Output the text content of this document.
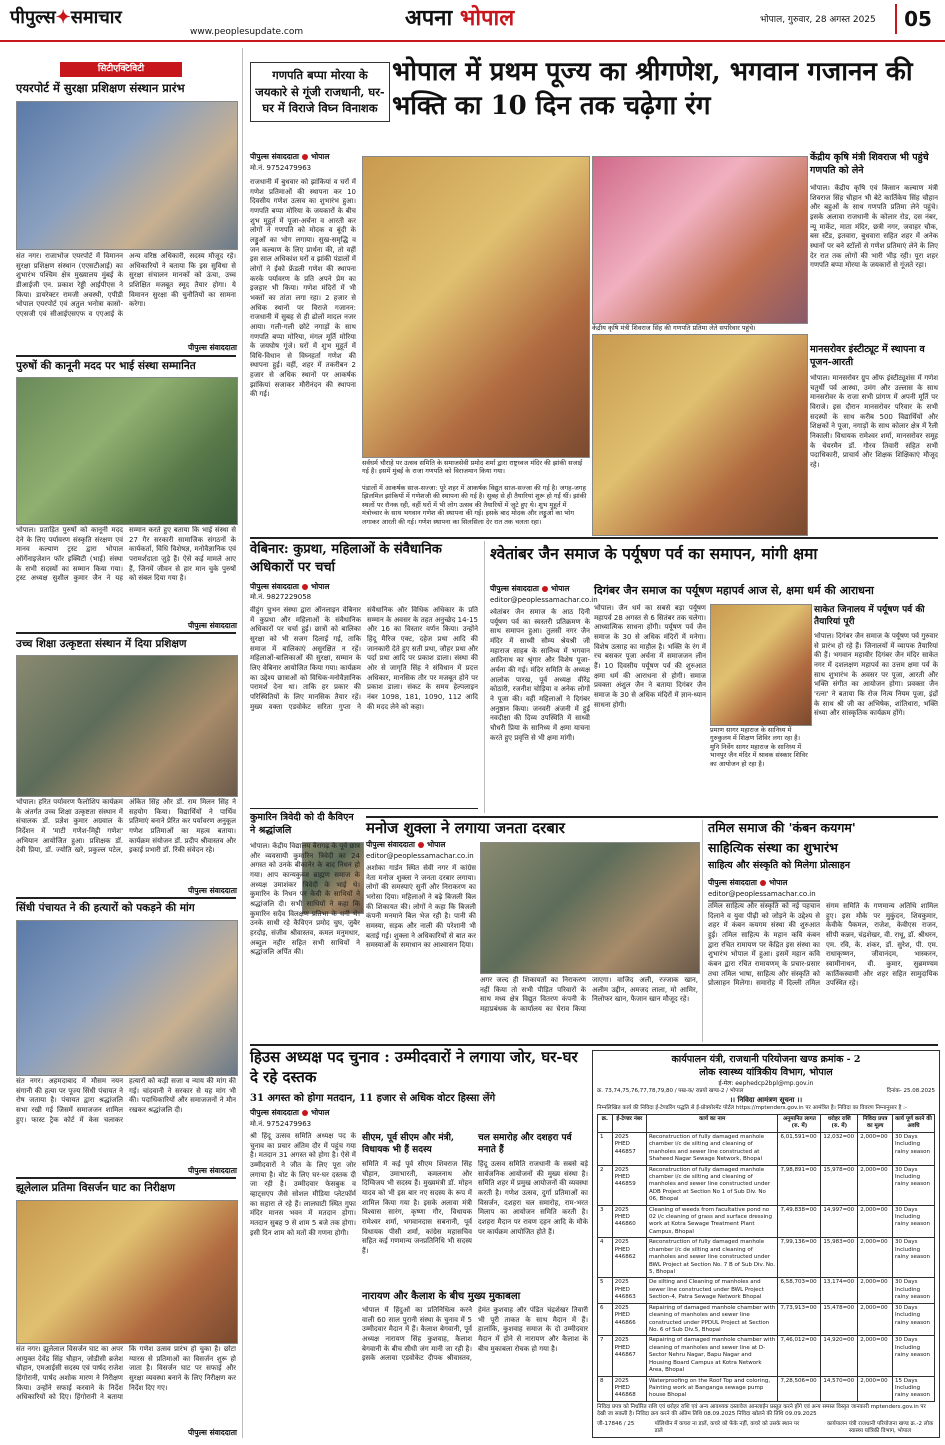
पीपुल्स✦समाचार
www.peoplesupdate.com
अपना भोपाल	भोपाल, गुरुवार, 28 अगस्त 2025	05
सिटीएक्टिविटी
एयरपोर्ट में सुरक्षा प्रशिक्षण संस्थान प्रारंभ
संत नगर। राजाभोज एयरपोर्ट में विमानन सुरक्षा प्रशिक्षण संस्थान (एएसटीआई) का शुभारंभ पश्चिम क्षेत्र मुख्यालय मुंबई के डीआईजी एन. प्रकाश रेड्डी आईपीएस ने किया। डायरेक्टर रामजी अवस्थी, एपीडी भोपाल एयरपोर्ट एवं अतुल भनोत्रा कासो-एएसजी एवं सीआईएसएफ व एएआई के अन्य वरिष्ठ अधिकारी, सदस्य मौजूद रहे। अधिकारियों ने बताया कि इस सुविधा से सुरक्षा संचालन मानकों को ऊंचा, उच्च प्रशिक्षित मजबूत स्मूद तैयार होगा। ये विमानन सुरक्षा की चुनौतियों का सामना करेगा।
पीपुल्स संवाददाता
पुरुषों की कानूनी मदद पर भाई संस्था सम्मानित
भोपाल। प्रताड़ित पुरुषों को कानूनी मदद देने के लिए पर्यावरण संस्कृति संरक्षण एवं मानव कल्याण ट्रस्ट द्वारा भोपाल ऑर्गेनाइजेशन फॉर इक्विटी (भाई) संस्था के सभी सदस्यों का सम्मान किया गया। ट्रस्ट अध्यक्ष सुशील कुमार जैन ने यह सम्मान करते हुए बताया कि भाई संस्था से 27 गैर सरकारी सामाजिक संगठनों के कार्यकर्ता, विधि विशेषज्ञ, मनोवैज्ञानिक एवं परामर्शदाता जुड़े हैं। ऐसे कई मामले आए हैं, जिनमें जीवन से हार मान चुके पुरुषों को संबल दिया गया है।
पीपुल्स संवाददाता
उच्च शिक्षा उत्कृष्टता संस्थान में दिया प्रशिक्षण
भोपाल। हरित पर्यावरण फैलोशिप कार्यक्रम के अंतर्गत उच्च शिक्षा उत्कृष्टता संस्थान में संचालक डॉ. प्रज्ञेश कुमार अग्रवाल के निर्देशन में 'माटी गणेश-मिट्टी गणेश' अभियान आयोजित हुआ। प्रशिक्षक डॉ. देवी प्रिया, डॉ. ज्योति खरे, प्रकुल्ल पटेल, अंकित सिंह और डॉ. राम मिलन सिंह ने सहयोग किया। विद्यार्थियों ने पार्थिव प्रतिमाएं बनाने प्रेरित कर पर्यावरण अनुकूल गणेश प्रतिमाओं का महत्व बताया। कार्यक्रम संयोजन डॉ. प्रदीप श्रीवास्तव और इकाई प्रभारी डॉ. रिंकी संवेदन रहे।
पीपुल्स संवाददाता
सिंधी पंचायत ने की हत्यारों को पकड़ने की मांग
संत नगर। अहमदाबाद में मौसम नयन संगानी की हत्या पर पूज्य सिंधी पंचायत ने रोष जताया है। पंचायत द्वारा श्रद्धांजलि सभा रखी गई जिसमें समाजजन शामिल हुए। फास्ट ट्रैक कोर्ट में केस चलाकर हत्यारों को कड़ी सजा व न्याय की मांग की गई। चांदवानी ने सरकार से यह मांग भी की। पदाधिकारियों और समाजजनों ने मौन रखकर श्रद्धांजलि दी।
पीपुल्स संवाददाता
झूलेलाल प्रतिमा विसर्जन घाट का निरीक्षण
संत नगर। झूलेलाल विसर्जन घाट का अपर आयुक्त देवेंद्र सिंह चौहान, जोडीसी ब्रजेश चौहान, एमआईसी सदस्य एवं पार्षद राजेश हिंगोरानी, पार्षद अशोक मारण ने निरीक्षण किया। उन्होंने सफाई करवाने के निर्देश अधिकारियों को दिए। हिंगोरानी ने बताया कि गणेश उत्सव प्रारंभ हो चुका है। छोटा ग्यारस से प्रतिमाओं का विसर्जन शुरू हो जाता है। विसर्जन घाट पर सफाई और सुरक्षा व्यवस्था बनाने के लिए निरीक्षण कर निर्देश दिए गए।
पीपुल्स संवाददाता
गणपति बप्पा मोरया के जयकारे से गूंजी राजधानी, घर-घर में विराजे विघ्न विनाशक
भोपाल में प्रथम पूज्य का श्रीगणेश, भगवान गजानन की भक्ति का 10 दिन तक चढ़ेगा रंग
पीपुल्स संवाददाता भोपाल
मो.नं. 9752479963
राजधानी में बुधवार को झांकियां व घरों में गणेश प्रतिमाओं की स्थापना कर 10 दिवसीय गणेश उत्सव का शुभारंभ हुआ। गणपति बप्पा मोरिया के जयकारों के बीच शुभ मुहूर्त में पूजा-अर्चना व आरती कर लोगों ने गणपति को मोदक व बूंदी के लड्डुओं का भोग लगाया। सुख-समृद्धि व जन कल्याण के लिए प्रार्थना की, तो वहीं इस साल अधिकांश घरों व झांकी पंडालों में लोगों ने ईको फ्रेंडली गणेश की स्थापना करके पर्यावरण के प्रति अपने प्रेम का इजहार भी किया। गणेश मंदिरों में भी भक्तों का तांता लगा रहा। 2 हजार से अधिक स्थानों पर विराजे गजानन: राजधानी में सुबह से ही ढोलों मादल नजर आया। गली-गली छोटे नगाड़ों के साथ गणपति बप्पा मोरिया, मंगल मूर्ति मोरिया के जयघोष गूंजे। घरों में शुभ मुहूर्त में विधि-विधान से विघ्नहर्ता गणेश की स्थापना हुई। वहीं, शहर में तकरीबन 2 हजार से अधिक स्थानों पर आकर्षक झांकियां सजाकर मौरीनंदन की स्थापना की गई।
सर्वधर्म चौराहे पर उत्सव समिति के समाजसेवी प्रमोद शर्मा द्वारा राष्ट्रध्वज मंदिर की झांकी सजाई गई है। इसमें मुंबई के राजा गणपति को विराजमान किया गया।
पंडालों में आकर्षक साज-सज्जा: पूरे शहर में आकर्षक विद्युत साज-सज्जा की गई है। जगह-जगह झिलमिल झांकियों में गणेशजी की स्थापना की गई है। सुबह से ही तैयारियां शुरू हो गईं थीं। झांकी स्थलों पर रौनक रही, वहीं घरों में भी लोग उत्सव की तैयारियों में जुटे हुए थे। शुभ मुहूर्त में मंत्रोच्चार के साथ भगवान गणेश की स्थापना की गई। इसके बाद मोदक और लड्डुओं का भोग लगाकर आरती की गई। गणेश स्थापना का सिलसिला देर रात तक चलता रहा।
केंद्रीय कृषि मंत्री शिवराज सिंह की गणपति प्रतिमा लेते सपरिवार पहुंचे।
केंद्रीय कृषि मंत्री शिवराज भी पहुंचे गणपति को लेने
भोपाल। केंद्रीय कृषि एवं किसान कल्याण मंत्री शिवराज सिंह चौहान भी बेटे कार्तिकेय सिंह चौहान और बहुओं के साथ गणपति प्रतिमा लेने पहुंचे। इसके अलावा राजधानी के कोलार रोड, दस नंबर, न्यू मार्केट, माता मंदिर, छत्री नगर, जवाहर चौक, बस स्टैंड, इतवारा, बुधवारा सहित शहर में अनेक स्थानों पर बने स्टॉलों से गणेश प्रतिमाएं लेने के लिए देर रात तक लोगों की भारी भीड़ रही। पूरा शहर गणपति बप्पा मोरया के जयकारों से गूंजते रहा।
मानसरोवर इंस्टीट्यूट में स्थापना व पूजन-आरती
भोपाल। मानसरोवर ग्रुप ऑफ इंस्टीट्यूशंस में गणेश चतुर्थी पर्व आस्था, उमंग और उल्लास के साथ मानसरोवर के राजा सभी प्रांगण में अपनी मूर्ति पर विराजे। इस दौरान मानसरोवर परिवार के सभी सदस्यों के साथ करीब 500 विद्यार्थियों और शिक्षकों ने पूजा, नगाड़ों के साथ कोलार क्षेत्र में रैली निकाली। विधायक रामेश्वर शर्मा, मानसरोवर समूह के चेयरमैन डॉ. गौरव तिवारी सहित सभी पदाधिकारी, प्राचार्य और शिक्षक शिक्षिकाएं मौजूद रहे।
वेबिनार: कुप्रथा, महिलाओं के संवैधानिक अधिकारों पर चर्चा
पीपुल्स संवाददाता भोपाल
मो.नं. 9827229058
वीहुंग चुभन संस्था द्वारा ऑनलाइन वेबिनार में कुप्रथा और महिलाओं के संवैधानिक अधिकारों पर चर्चा हुई। छात्रों को बालिका सुरक्षा को भी सजग दिलाई गई, ताकि समाज में बालिकाएं असुरक्षित न रहें। महिलाओं-बालिकाओं की सुरक्षा, सम्मान के लिए वेबिनार आयोजित किया गया। कार्यक्रम का उद्देश्य छात्राओं को विधिक-मनोवैज्ञानिक परामर्श देना था। ताकि हर प्रकार की परिस्थितियों के लिए मानसिक तैयार रहें। मुख्य वक्ता एडवोकेट सरिता गुप्ता ने संवैधानिक और विधिक अधिकार के प्रति सम्मान के अवसर के तहत अनुच्छेद 14-15 और 16 का विस्तार वर्णन किया। उन्होंने हिंदू मैरिज एक्ट, दहेज प्रथा आदि की जानकारी देते हुए सती प्रथा, जौहर प्रथा और पर्दा प्रथा आदि पर प्रकाश डाला। संस्था की ओर से जागृति सिंह ने संविधान में प्रदत्त अधिकार, मानसिक तौर पर मजबूत होने पर प्रकाश डाला। संकट के समय हेल्पलाइन नंबर 1098, 181, 1090, 112 आदि की मदद लेने को कहा।
कुमारिन त्रिवेदी को दी कैविएन ने श्रद्धांजलि
भोपाल। केंद्रीय विद्यालय बैरागढ़ के पूर्व छात्र और व्यवसायी कुमारिन त्रिवेदी का 24 अगस्त को उनके बीकानेर के बाद निधन हो गया। आप कान्यकुब्ज ब्राह्मण समाज के अध्यक्ष उमाशंकर त्रिवेदी के भाई थे। कुमारिन के निधन पर केवी के साथियों ने श्रद्धांजलि दी। सभी साथियों ने कहा कि कुमारिन सदैव विलक्षण प्रतिभा के धनी थे। उनके साथी रहे कैविएन प्रमोद चुघ, जुबैर हरदोइ, संजीव श्रीवास्तव, कमल मनुमधार, अब्दुल नहीर सहित सभी साथियों ने श्रद्धांजलि अर्पित की।
श्वेतांबर जैन समाज के पर्यूषण पर्व का समापन, मांगी क्षमा
पीपुल्स संवाददाता भोपाल
editor@peoplessamachar.co.in
श्वेतांबर जैन समाज के आठ दिनी पर्यूषण पर्व का स्वस्तरी प्रतिक्रमण के साथ समापन हुआ। तुलसी नगर जैन मंदिर में साध्वी सौम्य श्रेयश्री जी महाराज साहब के सानिध्य में भगवान आदिनाथ का श्रृंगार और विशेष पूजा-अर्चना की गई। मंदिर समिति के अध्यक्ष आलोक पारख, पूर्व अध्यक्ष वीरेंद्र कोठारी, रजनीश चोड़िया व अनेक लोगों ने पूजा की। वहीं महिलाओं ने दिगंबर अनुष्ठान किया। जनवरी अंजनी में हुई नवदीक्षा की दिव्य उपस्थिति में साध्वी चौधरी प्रिया के सानिध्य में क्षमा याचना करते हुए प्रवृत्ति से भी क्षमा मांगी।
दिगंबर जैन समाज का पर्यूषण महापर्व आज से, क्षमा धर्म की आराधना
भोपाल। जैन धर्म का सबसे बड़ा पर्यूषण महापर्व 28 अगस्त से 6 सितंबर तक चलेगा। आध्यात्मिक साधना होंगी। पर्यूषण पर्व जैन समाज के 30 से अधिक मंदिरों में मनेगा। विशेष उत्साह का माहौल है। भक्ति के रंग में रच बसकर पूजा अर्चना में समाजजन लीन हैं। 10 दिवसीय पर्यूषण पर्व की शुरुआत क्षमा धर्म की आराधना से होगी। समाज प्रवक्ता अंशुल जैन ने बताया दिगंबर जैन समाज के 30 से अधिक मंदिरों में ज्ञान-ध्यान साधना होगी।
प्रमाण सागर महाराज के सानिध्य में गुरुकुलम में शिक्षण शिविर लगा रहा है। मुनि निर्वेग सागर महाराज के सानिध्य में भानपुर जैन मंदिर में श्रावक संस्कार शिविर का आयोजन हो रहा है।
साकेत जिनालय में पर्यूषण पर्व की तैयारियां पूरी
भोपाल। दिगंबर जैन समाज के पर्यूषण पर्व गुरुवार से प्रारंभ हो रहे हैं। जिनालयों में व्यापक तैयारियां की हैं। भगवान महावीर दिगंबर जैन मंदिर साकेत नगर में दशलक्षण महापर्व का उत्तम क्षमा पर्व के साथ शुभारंभ के अवसर पर पूजा, आरती और भक्ति संगीत का आयोजन होगा। प्रवक्ता जैन 'रत्ना' ने बताया कि रोज नित्य नियम पूजा, इंद्रों के साथ श्री जी का अभिषेक, शांतिधारा, भक्ति संध्या और सांस्कृतिक कार्यक्रम होंगे।
मनोज शुक्ला ने लगाया जनता दरबार
पीपुल्स संवाददाता भोपाल
editor@peoplessamachar.co.in
अशोका गार्डन स्थित सेवी नगर में कांग्रेस नेता मनोज शुक्ला ने जनता दरबार लगाया। लोगों की समस्याएं सुनीं और निराकरण का भरोसा दिया। महिलाओं ने बढ़े बिजली बिल की शिकायत की। लोगों ने कहा कि बिजली कंपनी मनमाने बिल भेज रही है। पानी की समस्या, सड़क और नाली की परेशानी भी बताई गई। शुक्ला ने अधिकारियों से बात कर समस्याओं के समाधान का आश्वासन दिया।
अगर जल्द ही शिकायतों का निराकरण नहीं किया तो सभी पीड़ित परिवारों के साथ मध्य क्षेत्र विद्युत वितरण कंपनी के महाप्रबंधक के कार्यालय का घेराव किया जाएगा। वाजिद अली, रज्जाक खान, अलीम उद्दीन, अमजद लाला, मो आमिर, निलोफर खान, फैजान खान मौजूद रहे।
तमिल समाज की 'कंबन कयगम'
साहित्यिक संस्था का शुभारंभ
साहित्य और संस्कृति को मिलेगा प्रोत्साहन
पीपुल्स संवाददाता भोपाल
editor@peoplessamachar.co.in
तमिल साहित्य और संस्कृति को नई पहचान दिलाने व युवा पीढ़ी को जोड़ने के उद्देश्य से शहर में कंबन कयगम संस्था की शुरुआत हुई। तमिल साहित्य के महान कवि कंबन द्वारा रचित रामायण पर केंद्रित इस संस्था का शुभारंभ भोपाल में हुआ। इसमें महान कवि कंबन द्वारा रचित रामायणम् के प्रचार-प्रसार तथा तमिल भाषा, साहित्य और संस्कृति को प्रोत्साहन मिलेगा। समारोह में दिल्ली तमिल संगम समिति के गणमान्य अतिथि शामिल हुए। इस मौके पर मुकुंदन, शिवकुमार, केवीके पैकमल, राजेश, केवीएस राजन, सीपी कन्नन, चंद्रशेखर, वी. राधू, डॉ. श्रीधरन, एम. रवि, के. शंकर, डॉ. सुरेश, पी. एम. राधाकृष्णन, जीवानंदम, भास्करन, स्वामीनाथन, वी. कुमार, सुब्रमण्यम कार्तिकस्वामी और शहर सहित सामुदायिक उपस्थित रहे।
हिउस अध्यक्ष पद चुनाव : उम्मीदवारों ने लगाया जोर, घर-घर दे रहे दस्तक
31 अगस्त को होगा मतदान, 11 हजार से अधिक वोटर हिस्सा लेंगे
पीपुल्स संवाददाता भोपाल
मो.नं. 9752479963
श्री हिंदू उत्सव समिति अध्यक्ष पद के चुनाव का प्रचार अंतिम दौर में पहुंच गया है। मतदान 31 अगस्त को होगा है। ऐसे में उम्मीदवारों ने जीत के लिए पूरा जोर लगाया है। वोट के लिए घर-घर दस्तक दी जा रही है। उम्मीदवार फेसबुक व व्हाट्सएप जैसे सोशल मीडिया प्लेटफॉर्म का सहारा ले रहे हैं। लालघाटी स्थित गुफा मंदिर मानस भवन में मतदान होगा। मतदान सुबह 9 से शाम 5 बजे तक होगा। इसी दिन शाम को मतों की गणना होगी।
सीएम, पूर्व सीएम और मंत्री, विधायक भी हैं सदस्य
समिति में कई पूर्व सीएम शिवराज सिंह चौहान, उमाभारती, कमलनाथ और दिग्विजय भी सदस्य हैं। मुख्यमंत्री डॉ. मोहन यादव को भी इस बार नए सदस्य के रूप में शामिल किया गया है। इसके अलावा मंत्री विश्वास सारंग, कृष्णा गौर, विधायक रामेश्वर शर्मा, भगवानदास सबनानी, पूर्व विधायक पीसी शर्मा, कांग्रेस महासचिव सहित कई गणमान्य जनप्रतिनिधि भी सदस्य हैं।
चल समारोह और दशहरा पर्व मनाते हैं
हिंदू उत्सव समिति राजधानी के सबसे बड़े सार्वजनिक आयोजनों की मुख्य संस्था है। समिति शहर में प्रमुख आयोजनों की व्यवस्था करती है। गणेश उत्सव, दुर्गा प्रतिमाओं का विसर्जन, दशहरा चल समारोह, राम-भरत मिलाप का आयोजन समिति करती है। दशहरा मैदान पर रावण दहन आदि के मौके पर कार्यक्रम आयोजित होते हैं।
नारायण और कैलाश के बीच मुख्य मुकाबला
भोपाल में हिंदुओं का प्रतिनिधित्व करने वाली 60 साल पुरानी संस्था के चुनाव में 5 उम्मीदवार मैदान में हैं। कैलाश बेगवानी, पूर्व अध्यक्ष नारायण सिंह कुशवाह, कैलाश बेगवानी के बीच सीधी जंग मानी जा रही है। इसके अलावा एडवोकेट दीपक श्रीवास्तव, हेमंत कुशवाह और पंडित चंद्रशेखर तिवारी भी पूरी ताकत के साथ मैदान में हैं। हालांकि, कुशवाह समाज के दो उम्मीदवार मैदान में होने से नारायण और कैलाश के बीच मुकाबला रोचक हो गया है।
कार्यपालन यंत्री, राजधानी परियोजना खण्ड क्रमांक - 2
लोक स्वास्थ्य यांत्रिकीय विभाग, भोपाल
ई-मेल: eephedcp2bpl@mp.gov.in
क्र. 73,74,75,76,77,78,79,80 / पख-क/ राप्रयो खण्ड-2 / भोपाल	दिनांक- 25.08.2025
।। निविदा आमंत्रण सूचना ।।
निम्नलिखित कार्य की निविदा ई-टेण्डरिंग पद्धति से ई-प्रोक्योरमेंट पोर्टल https://mptenders.gov.in पर आमंत्रित है। निविदा का विवरण निम्नानुसार है :-
क्र.	ई-टेण्डर नंबर	कार्य का नाम	अनुमानित लागत (रु. में)	धरोहर राशि (रु. में)	निविदा प्रपत्र का मूल्य	कार्य पूर्ण करने की अवधि
1	2025 PHED 446857	Reconstruction of fully damaged manhole chamber i/c de silting and cleaning of manholes and sewer line constructed at Shaheed Nagar Sewage Network, Bhopal	6,01,591=00	12,032=00	2,000=00	30 Days Including rainy season
2	2025 PHED 446859	Reconstruction of fully damaged manhole chamber i/c de silting and cleaning of manholes and sewer line constructed under ADB Project at Section No 1 of Sub Div. No 06, Bhopal	7,98,891=00	15,978=00	2,000=00	30 Days Including rainy season
3	2025 PHED 446860	Cleaning of weeds from facultative pond no 02 i/c cleaning of grass and surface dressing work at Kotra Sewage Treatment Plant Campus, Bhopal	7,49,838=00	14,997=00	2,000=00	30 Days Including rainy season
4	2025 PHED 446862	Reconstruction of fully damaged manhole chamber i/c de silting and cleaning of manholes and sewer line constructed under BWL Project at Section No. 7 B of Sub Div. No. 5, Bhopal	7,99,136=00	15,983=00	2,000=00	30 Days Including rainy season
5	2025 PHED 446863	De silting and Cleaning of manholes and sewer line constructed under BWL Project Section-4, Patra Sewage Network Bhopal	6,58,703=00	13,174=00	2,000=00	30 Days Including rainy season
6	2025 PHED 446866	Repairing of damaged manhole chamber with cleaning of manholes and sewer line constructed under PPDUL Project at Section No. 6 of Sub Div.5, Bhopal	7,73,913=00	15,478=00	2,000=00	30 Days Including rainy season
7	2025 PHED 446867	Repairing of damaged manhole chamber with cleaning of manholes and sewer line at D-Sector Nehru Nagar, Bapu Nagar and Housing Board Campus at Kotra Network Area, Bhopal	7,46,012=00	14,920=00	2,000=00	30 Days Including rainy season
8	2025 PHED 446868	Waterproofing on the Roof Top and coloring, Painting work at Banganga sewage pump house Bhopal	7,28,506=00	14,570=00	2,000=00	15 Days Including rainy season
निविदा प्रपत्र को निर्धारित राशि एवं धरोहर राशि एवं अन्य आवश्यक दस्तावेज आनलाईन प्रस्तुत करने होंगे एवं अन्य समस्त विस्तृत जानकारी mptenders.gov.in पर देखी जा सकती है। निविदा क्रय करने की अंतिम तिथि 08.09.2025 निविदा खोलने की तिथि 09.09.2025
जी-17846 / 25	पॉलिथीन में कचरा ना डालें, कचरे को फेंके नहीं, कचरे को उसके स्थान पर डाले
कार्यपालन यंत्री राजधानी परियोजना खण्ड क्र.-2 लोक स्वास्थ्य यांत्रिकी विभाग, भोपाल
